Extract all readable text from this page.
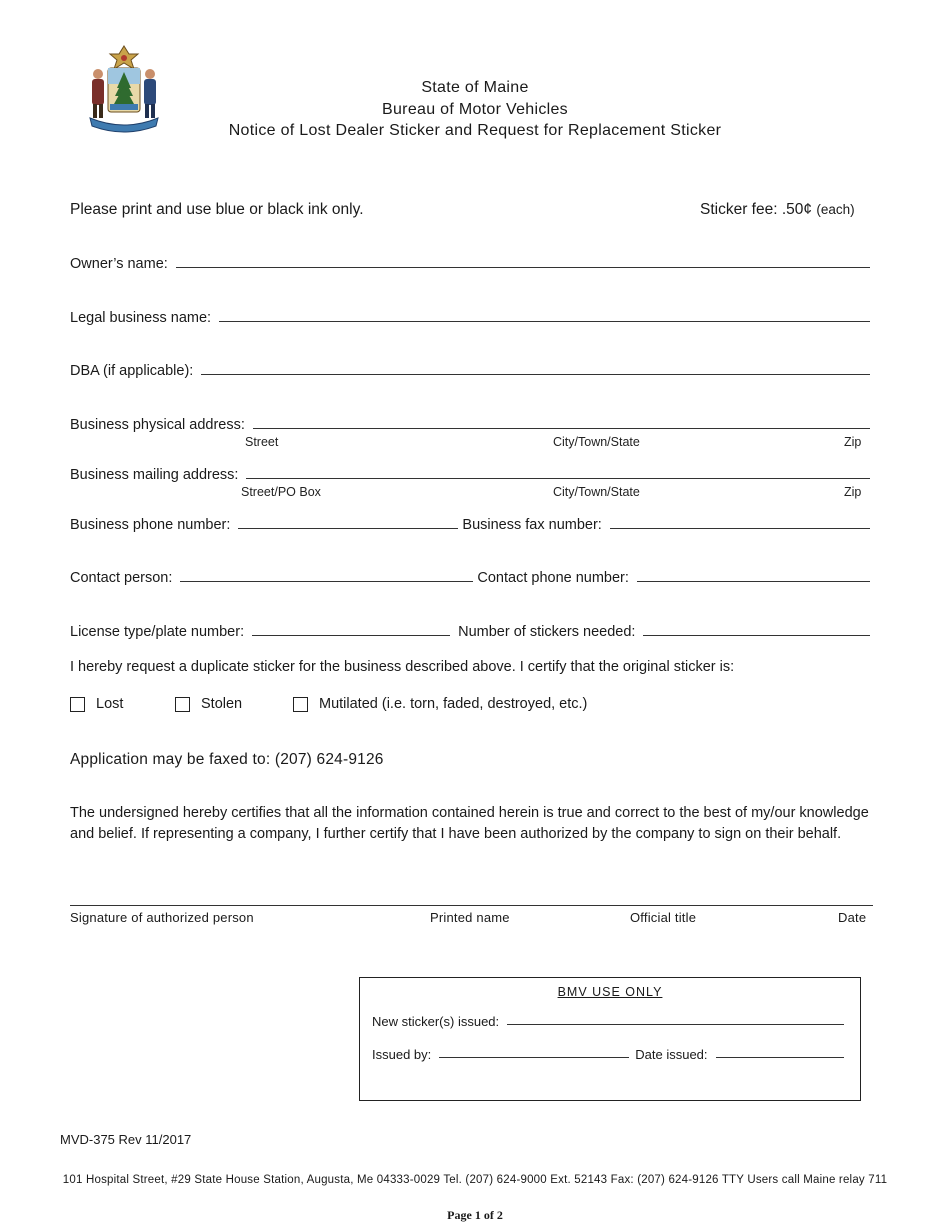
State of Maine
Bureau of Motor Vehicles
Notice of Lost Dealer Sticker and Request for Replacement Sticker
Please print and use blue or black ink only.	Sticker fee: .50¢ (each)
Owner’s name:
Legal business name:
DBA (if applicable):
Business physical address:
Street	City/Town/State	Zip
Business mailing address:
Street/PO Box	City/Town/State	Zip
Business phone number:	Business fax number:
Contact person:	Contact phone number:
License type/plate number:	Number of stickers needed:
I hereby request a duplicate sticker for the business described above. I certify that the original sticker is:
Lost	Stolen	Mutilated (i.e. torn, faded, destroyed, etc.)
Application may be faxed to: (207) 624-9126
The undersigned hereby certifies that all the information contained herein is true and correct to the best of my/our knowledge and belief. If representing a company, I further certify that I have been authorized by the company to sign on their behalf.
Signature of authorized person	Printed name	Official title	Date
BMV USE ONLY
New sticker(s) issued:
Issued by:	Date issued:
MVD-375 Rev 11/2017
101 Hospital Street, #29 State House Station, Augusta, Me 04333-0029 Tel. (207) 624-9000 Ext. 52143 Fax: (207) 624-9126 TTY Users call Maine relay 711
Page 1 of 2
